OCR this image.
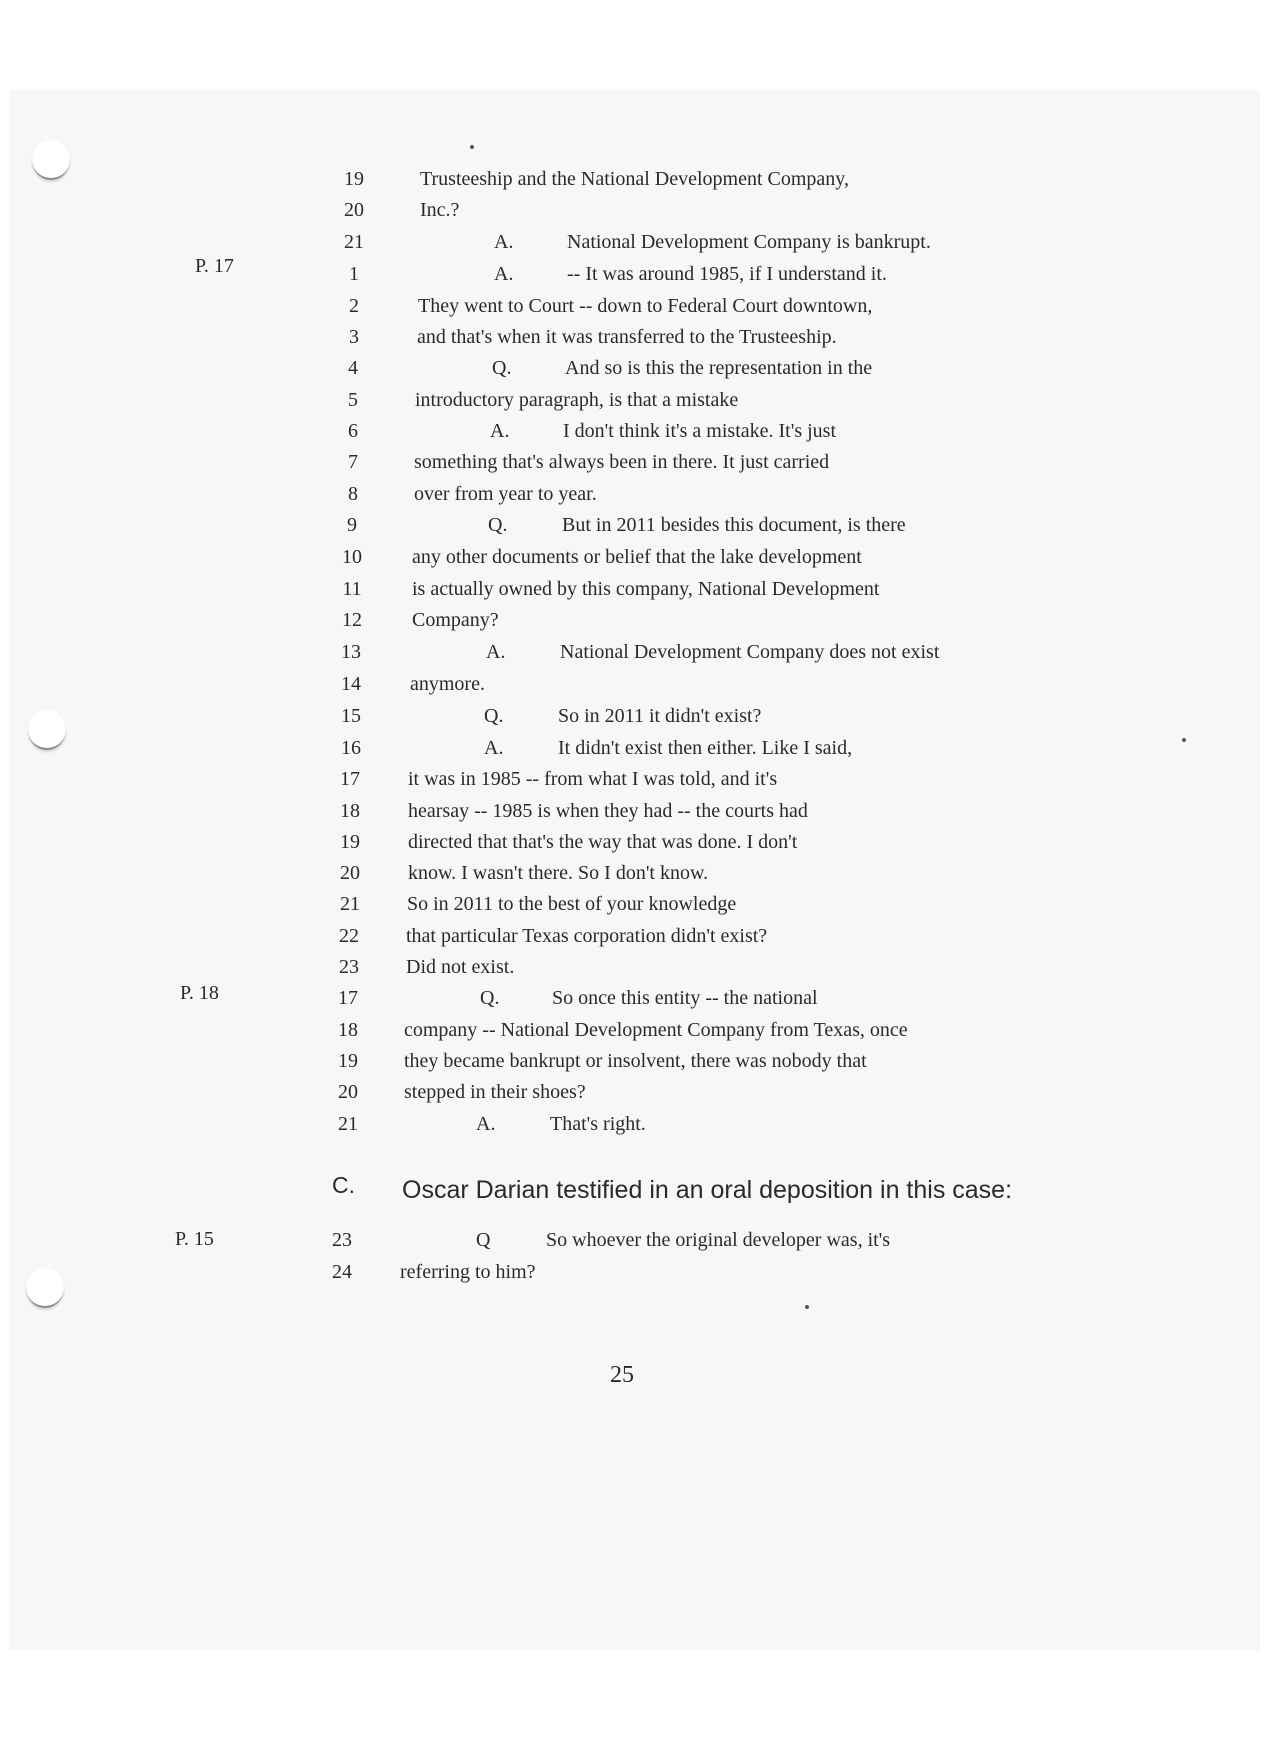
P. 17
P. 18
P. 15
19	Trusteeship and the National Development Company,
20	Inc.?
21	A.	National Development Company is bankrupt.
1	A.	-- It was around 1985, if I understand it.
2	They went to Court -- down to Federal Court downtown,
3	and that's when it was transferred to the Trusteeship.
4	Q.	And so is this the representation in the
5	introductory paragraph, is that a mistake
6	A.	I don't think it's a mistake. It's just
7	something that's always been in there. It just carried
8	over from year to year.
9	Q.	But in 2011 besides this document, is there
10	any other documents or belief that the lake development
11	is actually owned by this company, National Development
12	Company?
13	A.	National Development Company does not exist
14	anymore.
15	Q.	So in 2011 it didn't exist?
16	A.	It didn't exist then either. Like I said,
17	it was in 1985 -- from what I was told, and it's
18	hearsay -- 1985 is when they had -- the courts had
19	directed that that's the way that was done. I don't
20	know. I wasn't there. So I don't know.
21	So in 2011 to the best of your knowledge
22	that particular Texas corporation didn't exist?
23	Did not exist.
17	Q.	So once this entity -- the national
18	company -- National Development Company from Texas, once
19	they became bankrupt or insolvent, there was nobody that
20	stepped in their shoes?
21	A.	That's right.
C. Oscar Darian testified in an oral deposition in this case:
23	Q	So whoever the original developer was, it's
24	referring to him?
25
